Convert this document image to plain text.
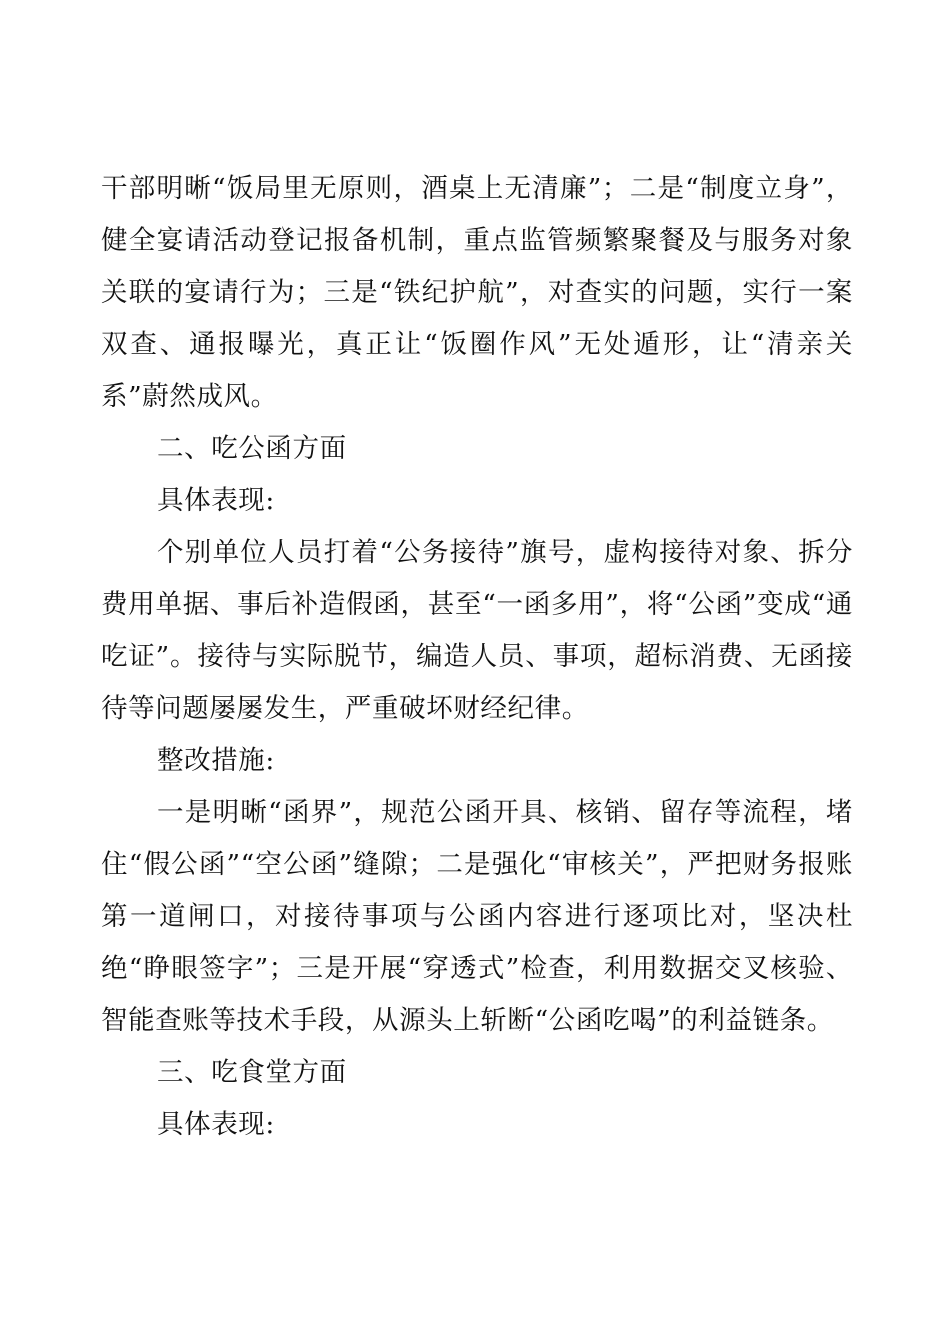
干部明晰“饭局里无原则，酒桌上无清廉”；二是“制度立身”，健全宴请活动登记报备机制，重点监管频繁聚餐及与服务对象关联的宴请行为；三是“铁纪护航”，对查实的问题，实行一案双查、通报曝光，真正让“饭圈作风”无处遁形，让“清亲关系”蔚然成风。

二、吃公函方面

具体表现:

个别单位人员打着“公务接待”旗号，虚构接待对象、拆分费用单据、事后补造假函，甚至“一函多用”，将“公函”变成“通吃证”。接待与实际脱节，编造人员、事项，超标消费、无函接待等问题屡屡发生，严重破坏财经纪律。

整改措施:

一是明晰“函界”，规范公函开具、核销、留存等流程，堵住“假公函”“空公函”缝隙；二是强化“审核关”，严把财务报账第一道闸口，对接待事项与公函内容进行逐项比对，坚决杜绝“睁眼签字”；三是开展“穿透式”检查，利用数据交叉核验、智能查账等技术手段，从源头上斩断“公函吃喝”的利益链条。

三、吃食堂方面

具体表现:
